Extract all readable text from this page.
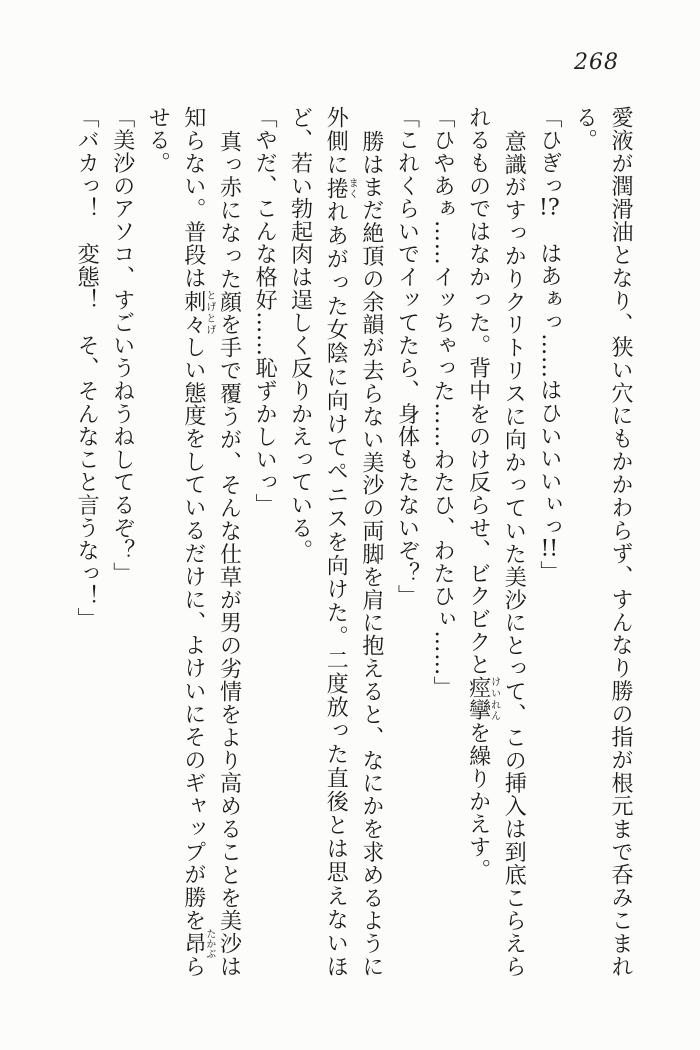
268

愛液が潤滑油となり、狭い穴にもかかわらず、すんなり勝の指が根元まで呑みこまれる。

「ひぎっ!?　はあぁっ……はひいいいぃっ!!」

意識がすっかりクリトリスに向かっていた美沙にとって、この挿入は到底こらえられるものではなかった。背中をのけ反らせ、ビクビクと痙攣けいれんを繰りかえす。

「ひやあぁ……イッちゃった……わたひ、わたひぃ……」

「これくらいでイッてたら、身体もたないぞ？」

勝はまだ絶頂の余韻が去らない美沙の両脚を肩に抱えると、なにかを求めるように外側に捲まくれあがった女陰に向けてペニスを向けた。二度放った直後とは思えないほど、若い勃起肉は逞しく反りかえっている。

「やだ、こんな格好……恥ずかしいっ」

真っ赤になった顔を手で覆うが、そんな仕草が男の劣情をより高めることを美沙は知らない。普段は刺々とげとげしい態度をしているだけに、よけいにそのギャップが勝を昂たかぶらせる。

「美沙のアソコ、すごいうねうねしてるぞ？」

「バカっ！　変態！　そ、そんなこと言うなっ！」
